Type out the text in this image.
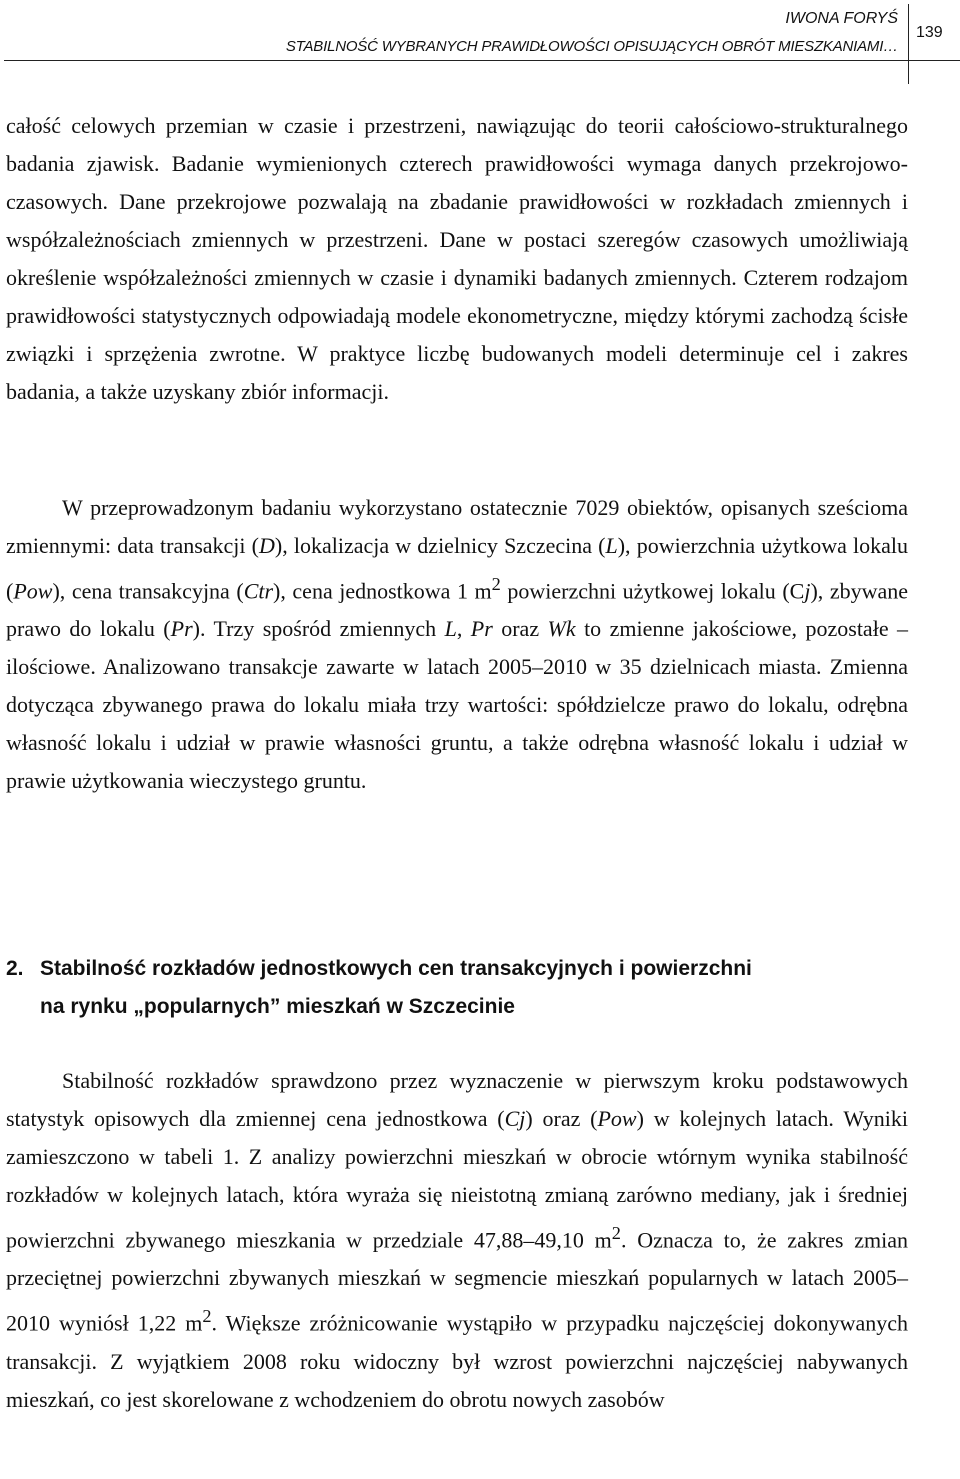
IWONA FORYŚ
STABILNOŚĆ WYBRANYCH PRAWIDŁOWOŚCI OPISUJĄCYCH OBRÓT MIESZKANIAMI…
139

całość celowych przemian w czasie i przestrzeni, nawiązując do teorii całościowo-strukturalnego badania zjawisk. Badanie wymienionych czterech prawidłowości wymaga danych przekrojowo-czasowych. Dane przekrojowe pozwalają na zbadanie prawidłowości w rozkładach zmiennych i współzależnościach zmiennych w przestrzeni. Dane w postaci szeregów czasowych umożliwiają określenie współzależności zmiennych w czasie i dynamiki badanych zmiennych. Czterem rodzajom prawidłowości statystycznych odpowiadają modele ekonometryczne, między którymi zachodzą ścisłe związki i sprzężenia zwrotne. W praktyce liczbę budowanych modeli determinuje cel i zakres badania, a także uzyskany zbiór informacji.

W przeprowadzonym badaniu wykorzystano ostatecznie 7029 obiektów, opisanych sześcioma zmiennymi: data transakcji (D), lokalizacja w dzielnicy Szczecina (L), powierzchnia użytkowa lokalu (Pow), cena transakcyjna (Ctr), cena jednostkowa 1 $m^2$ powierzchni użytkowej lokalu (Cj), zbywane prawo do lokalu (Pr). Trzy spośród zmiennych L, Pr oraz Wk to zmienne jakościowe, pozostałe – ilościowe. Analizowano transakcje zawarte w latach 2005–2010 w 35 dzielnicach miasta. Zmienna dotycząca zbywanego prawa do lokalu miała trzy wartości: spółdzielcze prawo do lokalu, odrębna własność lokalu i udział w prawie własności gruntu, a także odrębna własność lokalu i udział w prawie użytkowania wieczystego gruntu.

2. Stabilność rozkładów jednostkowych cen transakcyjnych i powierzchni
na rynku „popularnych” mieszkań w Szczecinie

Stabilność rozkładów sprawdzono przez wyznaczenie w pierwszym kroku podstawowych statystyk opisowych dla zmiennej cena jednostkowa (Cj) oraz (Pow) w kolejnych latach. Wyniki zamieszczono w tabeli 1. Z analizy powierzchni mieszkań w obrocie wtórnym wynika stabilność rozkładów w kolejnych latach, która wyraża się nieistotną zmianą zarówno mediany, jak i średniej powierzchni zbywanego mieszkania w przedziale 47,88–49,10 $m^2$. Oznacza to, że zakres zmian przeciętnej powierzchni zbywanych mieszkań w segmencie mieszkań popularnych w latach 2005–2010 wyniósł 1,22 $m^2$. Większe zróżnicowanie wystąpiło w przypadku najczęściej dokonywanych transakcji. Z wyjątkiem 2008 roku widoczny był wzrost powierzchni najczęściej nabywanych mieszkań, co jest skorelowane z wchodzeniem do obrotu nowych zasobów
